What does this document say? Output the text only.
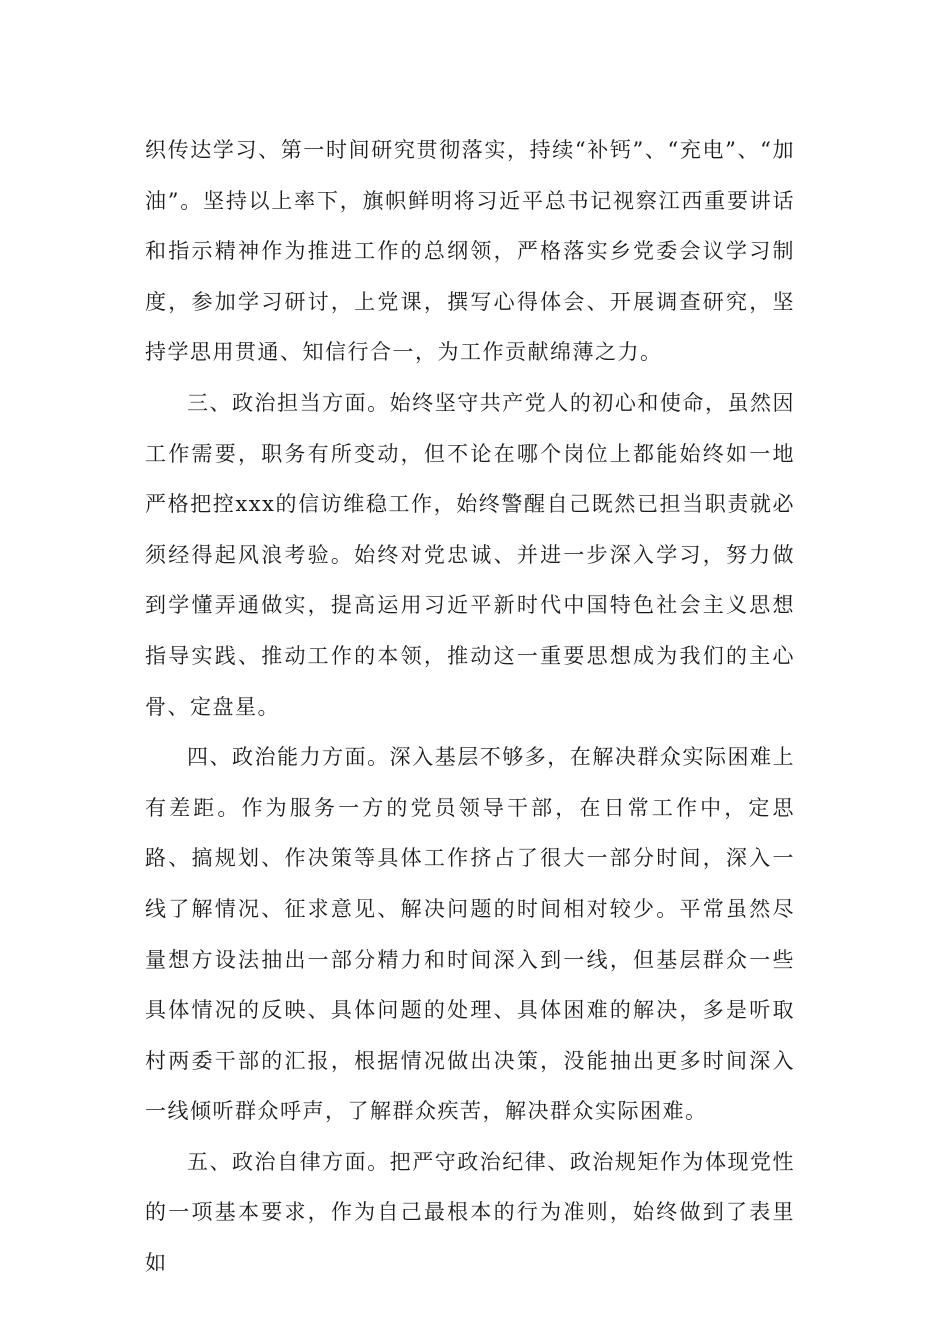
织传达学习、第一时间研究贯彻落实，持续“补钙”、“充电”、“加油”。坚持以上率下，旗帜鲜明将习近平总书记视察江西重要讲话和指示精神作为推进工作的总纲领，严格落实乡党委会议学习制度，参加学习研讨，上党课，撰写心得体会、开展调查研究，坚持学思用贯通、知信行合一，为工作贡献绵薄之力。

三、政治担当方面。始终坚守共产党人的初心和使命，虽然因工作需要，职务有所变动，但不论在哪个岗位上都能始终如一地严格把控xxx的信访维稳工作，始终警醒自己既然已担当职责就必须经得起风浪考验。始终对党忠诚、并进一步深入学习，努力做到学懂弄通做实，提高运用习近平新时代中国特色社会主义思想指导实践、推动工作的本领，推动这一重要思想成为我们的主心骨、定盘星。

四、政治能力方面。深入基层不够多，在解决群众实际困难上有差距。作为服务一方的党员领导干部，在日常工作中，定思路、搞规划、作决策等具体工作挤占了很大一部分时间，深入一线了解情况、征求意见、解决问题的时间相对较少。平常虽然尽量想方设法抽出一部分精力和时间深入到一线，但基层群众一些具体情况的反映、具体问题的处理、具体困难的解决，多是听取村两委干部的汇报，根据情况做出决策，没能抽出更多时间深入一线倾听群众呼声，了解群众疾苦，解决群众实际困难。

五、政治自律方面。把严守政治纪律、政治规矩作为体现党性的一项基本要求，作为自己最根本的行为准则，始终做到了表里如
